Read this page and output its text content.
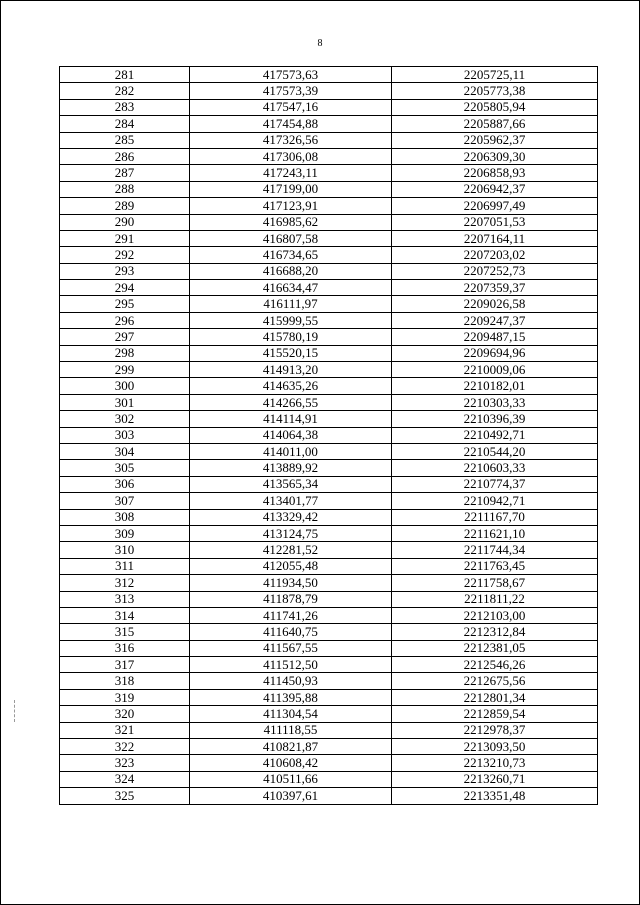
8
281	417573,63	2205725,11
282	417573,39	2205773,38
283	417547,16	2205805,94
284	417454,88	2205887,66
285	417326,56	2205962,37
286	417306,08	2206309,30
287	417243,11	2206858,93
288	417199,00	2206942,37
289	417123,91	2206997,49
290	416985,62	2207051,53
291	416807,58	2207164,11
292	416734,65	2207203,02
293	416688,20	2207252,73
294	416634,47	2207359,37
295	416111,97	2209026,58
296	415999,55	2209247,37
297	415780,19	2209487,15
298	415520,15	2209694,96
299	414913,20	2210009,06
300	414635,26	2210182,01
301	414266,55	2210303,33
302	414114,91	2210396,39
303	414064,38	2210492,71
304	414011,00	2210544,20
305	413889,92	2210603,33
306	413565,34	2210774,37
307	413401,77	2210942,71
308	413329,42	2211167,70
309	413124,75	2211621,10
310	412281,52	2211744,34
311	412055,48	2211763,45
312	411934,50	2211758,67
313	411878,79	2211811,22
314	411741,26	2212103,00
315	411640,75	2212312,84
316	411567,55	2212381,05
317	411512,50	2212546,26
318	411450,93	2212675,56
319	411395,88	2212801,34
320	411304,54	2212859,54
321	411118,55	2212978,37
322	410821,87	2213093,50
323	410608,42	2213210,73
324	410511,66	2213260,71
325	410397,61	2213351,48
